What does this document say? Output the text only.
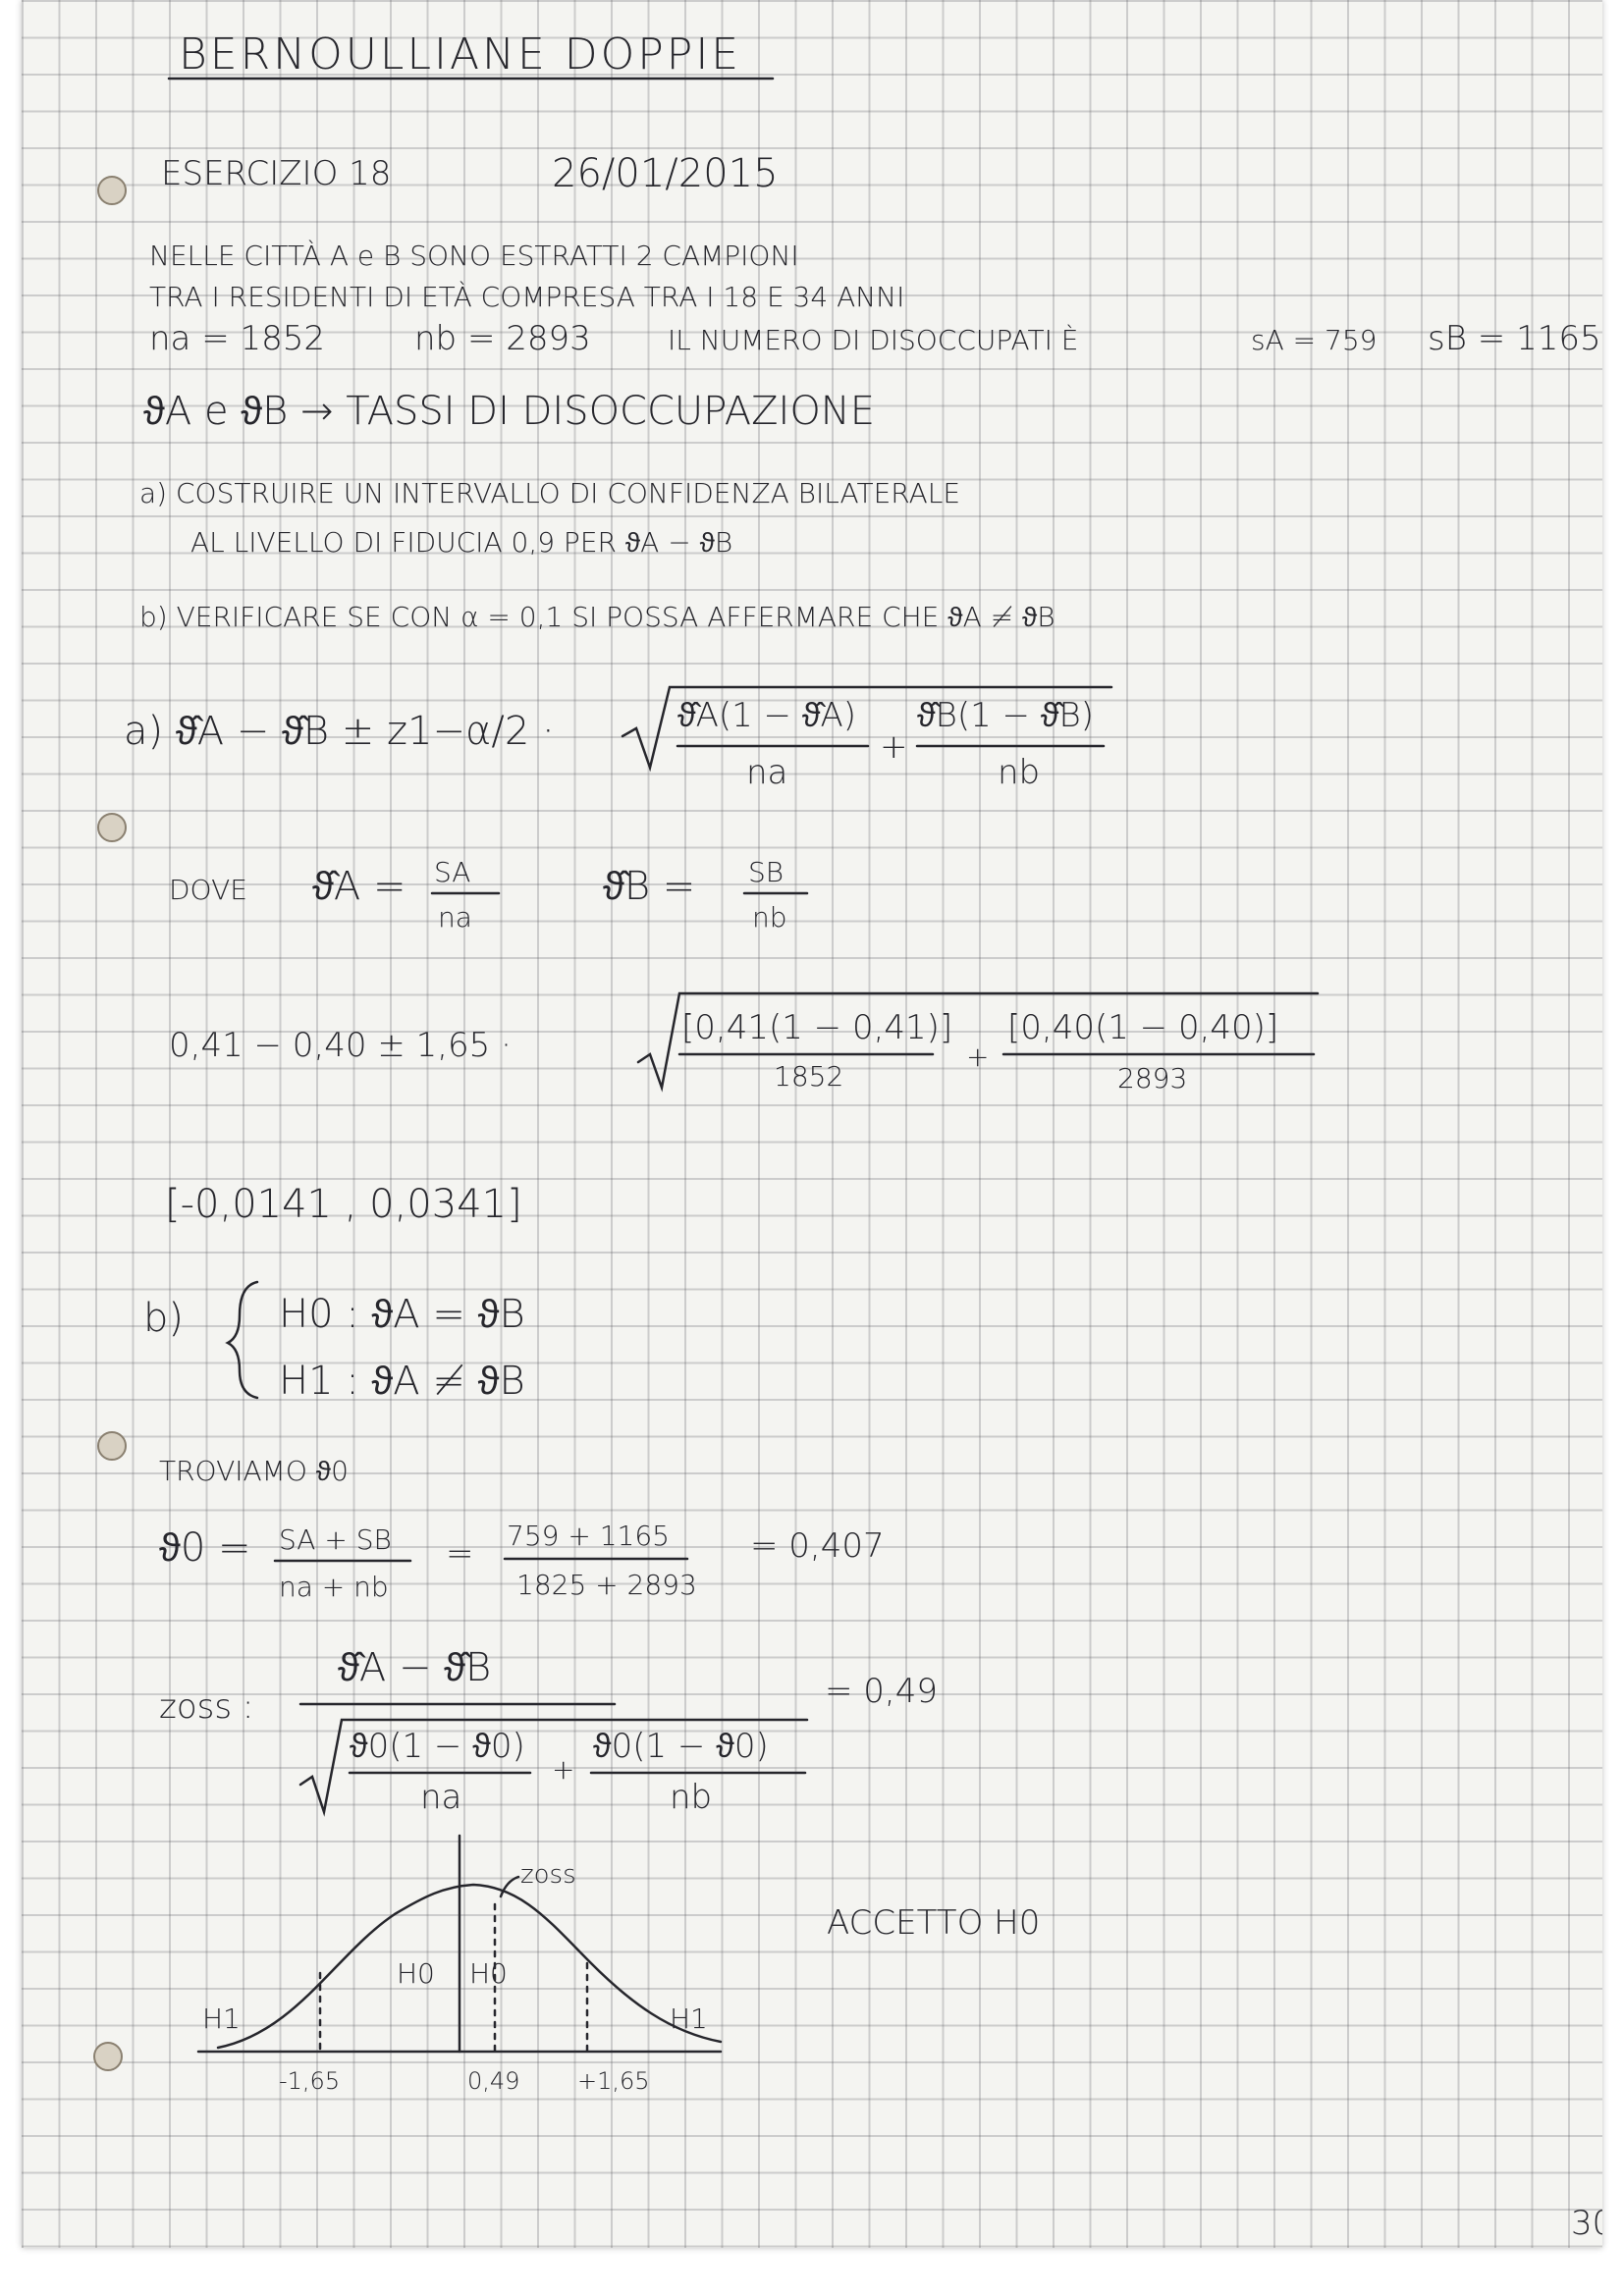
BERNOULLIANE DOPPIE
ESERCIZIO 18	26/01/2015
NELLE CITTÀ A e B SONO ESTRATTI 2 CAMPIONI
TRA I RESIDENTI DI ETÀ COMPRESA TRA I 18 E 34 ANNI
na = 1852	nb = 2893	IL NUMERO DI DISOCCUPATI È	sA = 759 sB = 1165
ϑA e ϑB → TASSI DI DISOCCUPAZIONE
a) COSTRUIRE UN INTERVALLO DI CONFIDENZA BILATERALE
AL LIVELLO DI FIDUCIA 0,9 PER ϑA − ϑB
b) VERIFICARE SE CON α = 0,1 SI POSSA AFFERMARE CHE ϑA ≠ ϑB
a) ϑ̂A − ϑ̂B ± z1−α/2 ·	ϑ̂A(1 − ϑ̂A)
na
+
ϑ̂B(1 − ϑ̂B)
nb
DOVE ϑ̂A = SA
na
ϑ̂B = SB
nb
0,41 − 0,40 ± 1,65 ·	[0,41(1 − 0,41)]
1852
+
[0,40(1 − 0,40)]
2893
[-0,0141 , 0,0341]
b) H0 : ϑA = ϑB
H1 : ϑA ≠ ϑB
TROVIAMO ϑ0
ϑ0 = SA + SB
na + nb
= 759 + 1165
1825 + 2893
= 0,407
zoss :
ϑ̂A − ϑ̂B
ϑ0(1 − ϑ0)
na
+
ϑ0(1 − ϑ0)
nb
= 0,49
zoss
H1
H0 H0
H1
-1,65	0,49 +1,65
ACCETTO H0
30
